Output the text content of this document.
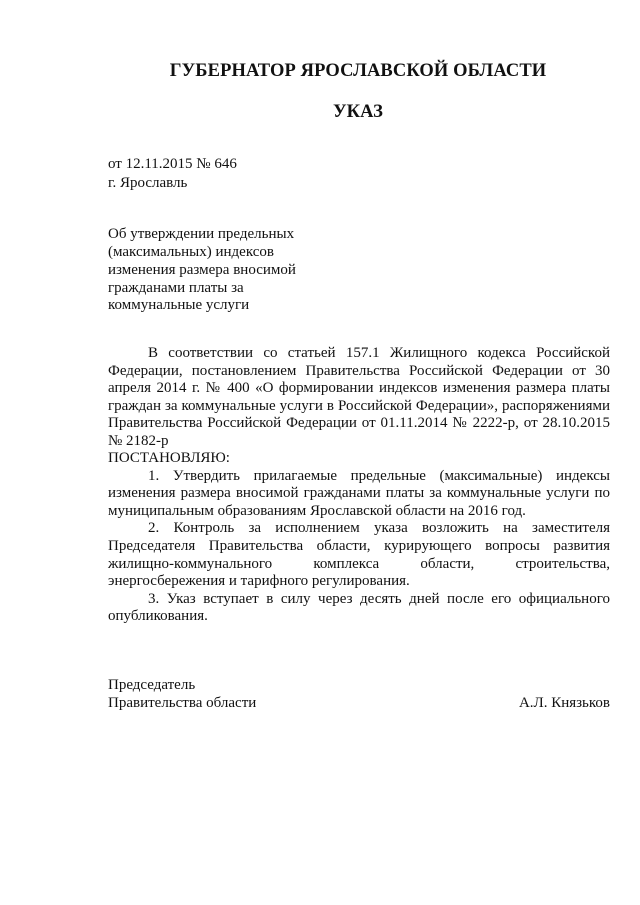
ГУБЕРНАТОР ЯРОСЛАВСКОЙ ОБЛАСТИ
УКАЗ
от 12.11.2015 № 646
г. Ярославль
Об утверждении предельных
(максимальных) индексов
изменения размера вносимой
гражданами платы за
коммунальные услуги

В соответствии со статьей 157.1 Жилищного кодекса Российской Федерации, постановлением Правительства Российской Федерации от 30 апреля 2014 г. № 400 «О формировании индексов изменения размера платы граждан за коммунальные услуги в Российской Федерации», распоряжениями Правительства Российской Федерации от 01.11.2014 № 2222-р, от 28.10.2015 № 2182-р

ПОСТАНОВЛЯЮ:

1. Утвердить прилагаемые предельные (максимальные) индексы изменения размера вносимой гражданами платы за коммунальные услуги по муниципальным образованиям Ярославской области на 2016 год.

2. Контроль за исполнением указа возложить на заместителя Председателя Правительства области, курирующего вопросы развития жилищно-коммунального комплекса области, строительства, энергосбережения и тарифного регулирования.

3. Указ вступает в силу через десять дней после его официального опубликования.

Председатель
Правительства области	А.Л. Князьков
